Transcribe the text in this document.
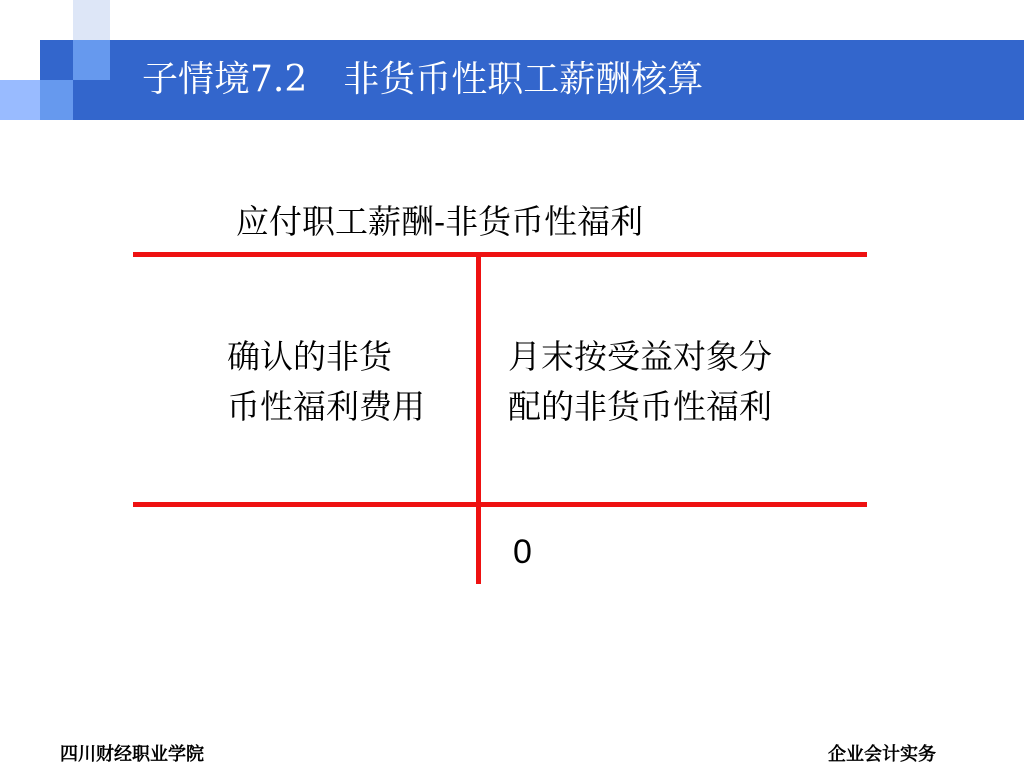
子情境7.2　非货币性职工薪酬核算
应付职工薪酬-非货币性福利
确认的非货
币性福利费用
月末按受益对象分
配的非货币性福利
0
四川财经职业学院	企业会计实务
